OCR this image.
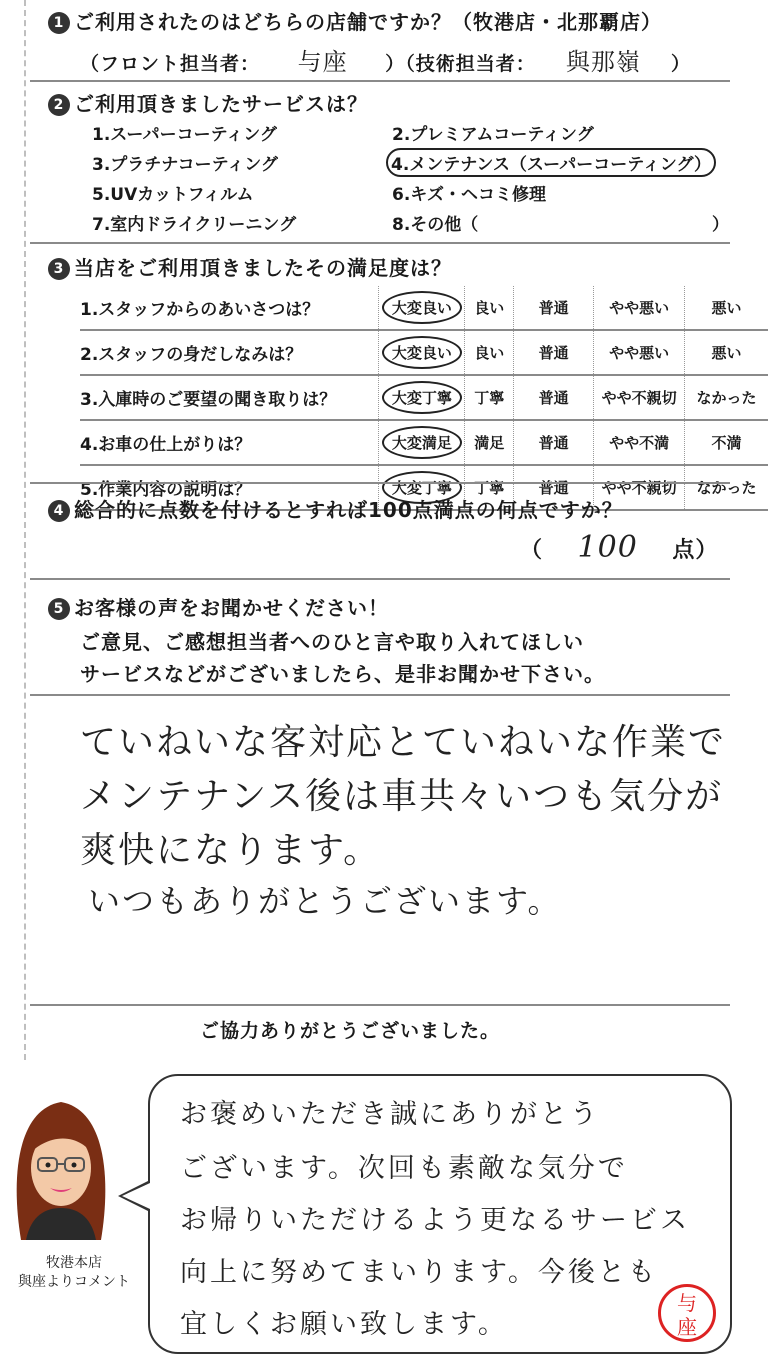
1 ご利用されたのはどちらの店舗ですか？（牧港店・北那覇店）
（フロント担当者： 与座 ）（技術担当者： 與那嶺 ）
2 ご利用頂きましたサービスは？
1.スーパーコーティング	2.プレミアムコーティング
3.プラチナコーティング	4.メンテナンス（スーパーコーティング）
5.UVカットフィルム	6.キズ・ヘコミ修理
7.室内ドライクリーニング	8.その他（	）
3 当店をご利用頂きましたその満足度は？
1.スタッフからのあいさつは？	大変良い	良い	普通	やや悪い	悪い
2.スタッフの身だしなみは？	大変良い	良い	普通	やや悪い	悪い
3.入庫時のご要望の聞き取りは？	大変丁寧	丁寧	普通	やや不親切	なかった
4.お車の仕上がりは？	大変満足	満足	普通	やや不満	不満
5.作業内容の説明は？	大変丁寧	丁寧	普通	やや不親切	なかった
4 総合的に点数を付けるとすれば100点満点の何点ですか？
（ 100 点）
5 お客様の声をお聞かせください！
ご意見、ご感想担当者へのひと言や取り入れてほしい
サービスなどがございましたら、是非お聞かせ下さい。
ていねいな客対応とていねいな作業で
メンテナンス後は車共々いつも気分が
爽快になります。
いつもありがとうございます。
ご協力ありがとうございました。
牧港本店
與座よりコメント
お褒めいただき誠にありがとう
ございます。次回も素敵な気分で
お帰りいただけるよう更なるサービス
向上に努めてまいります。今後とも
宜しくお願い致します。
与
座
